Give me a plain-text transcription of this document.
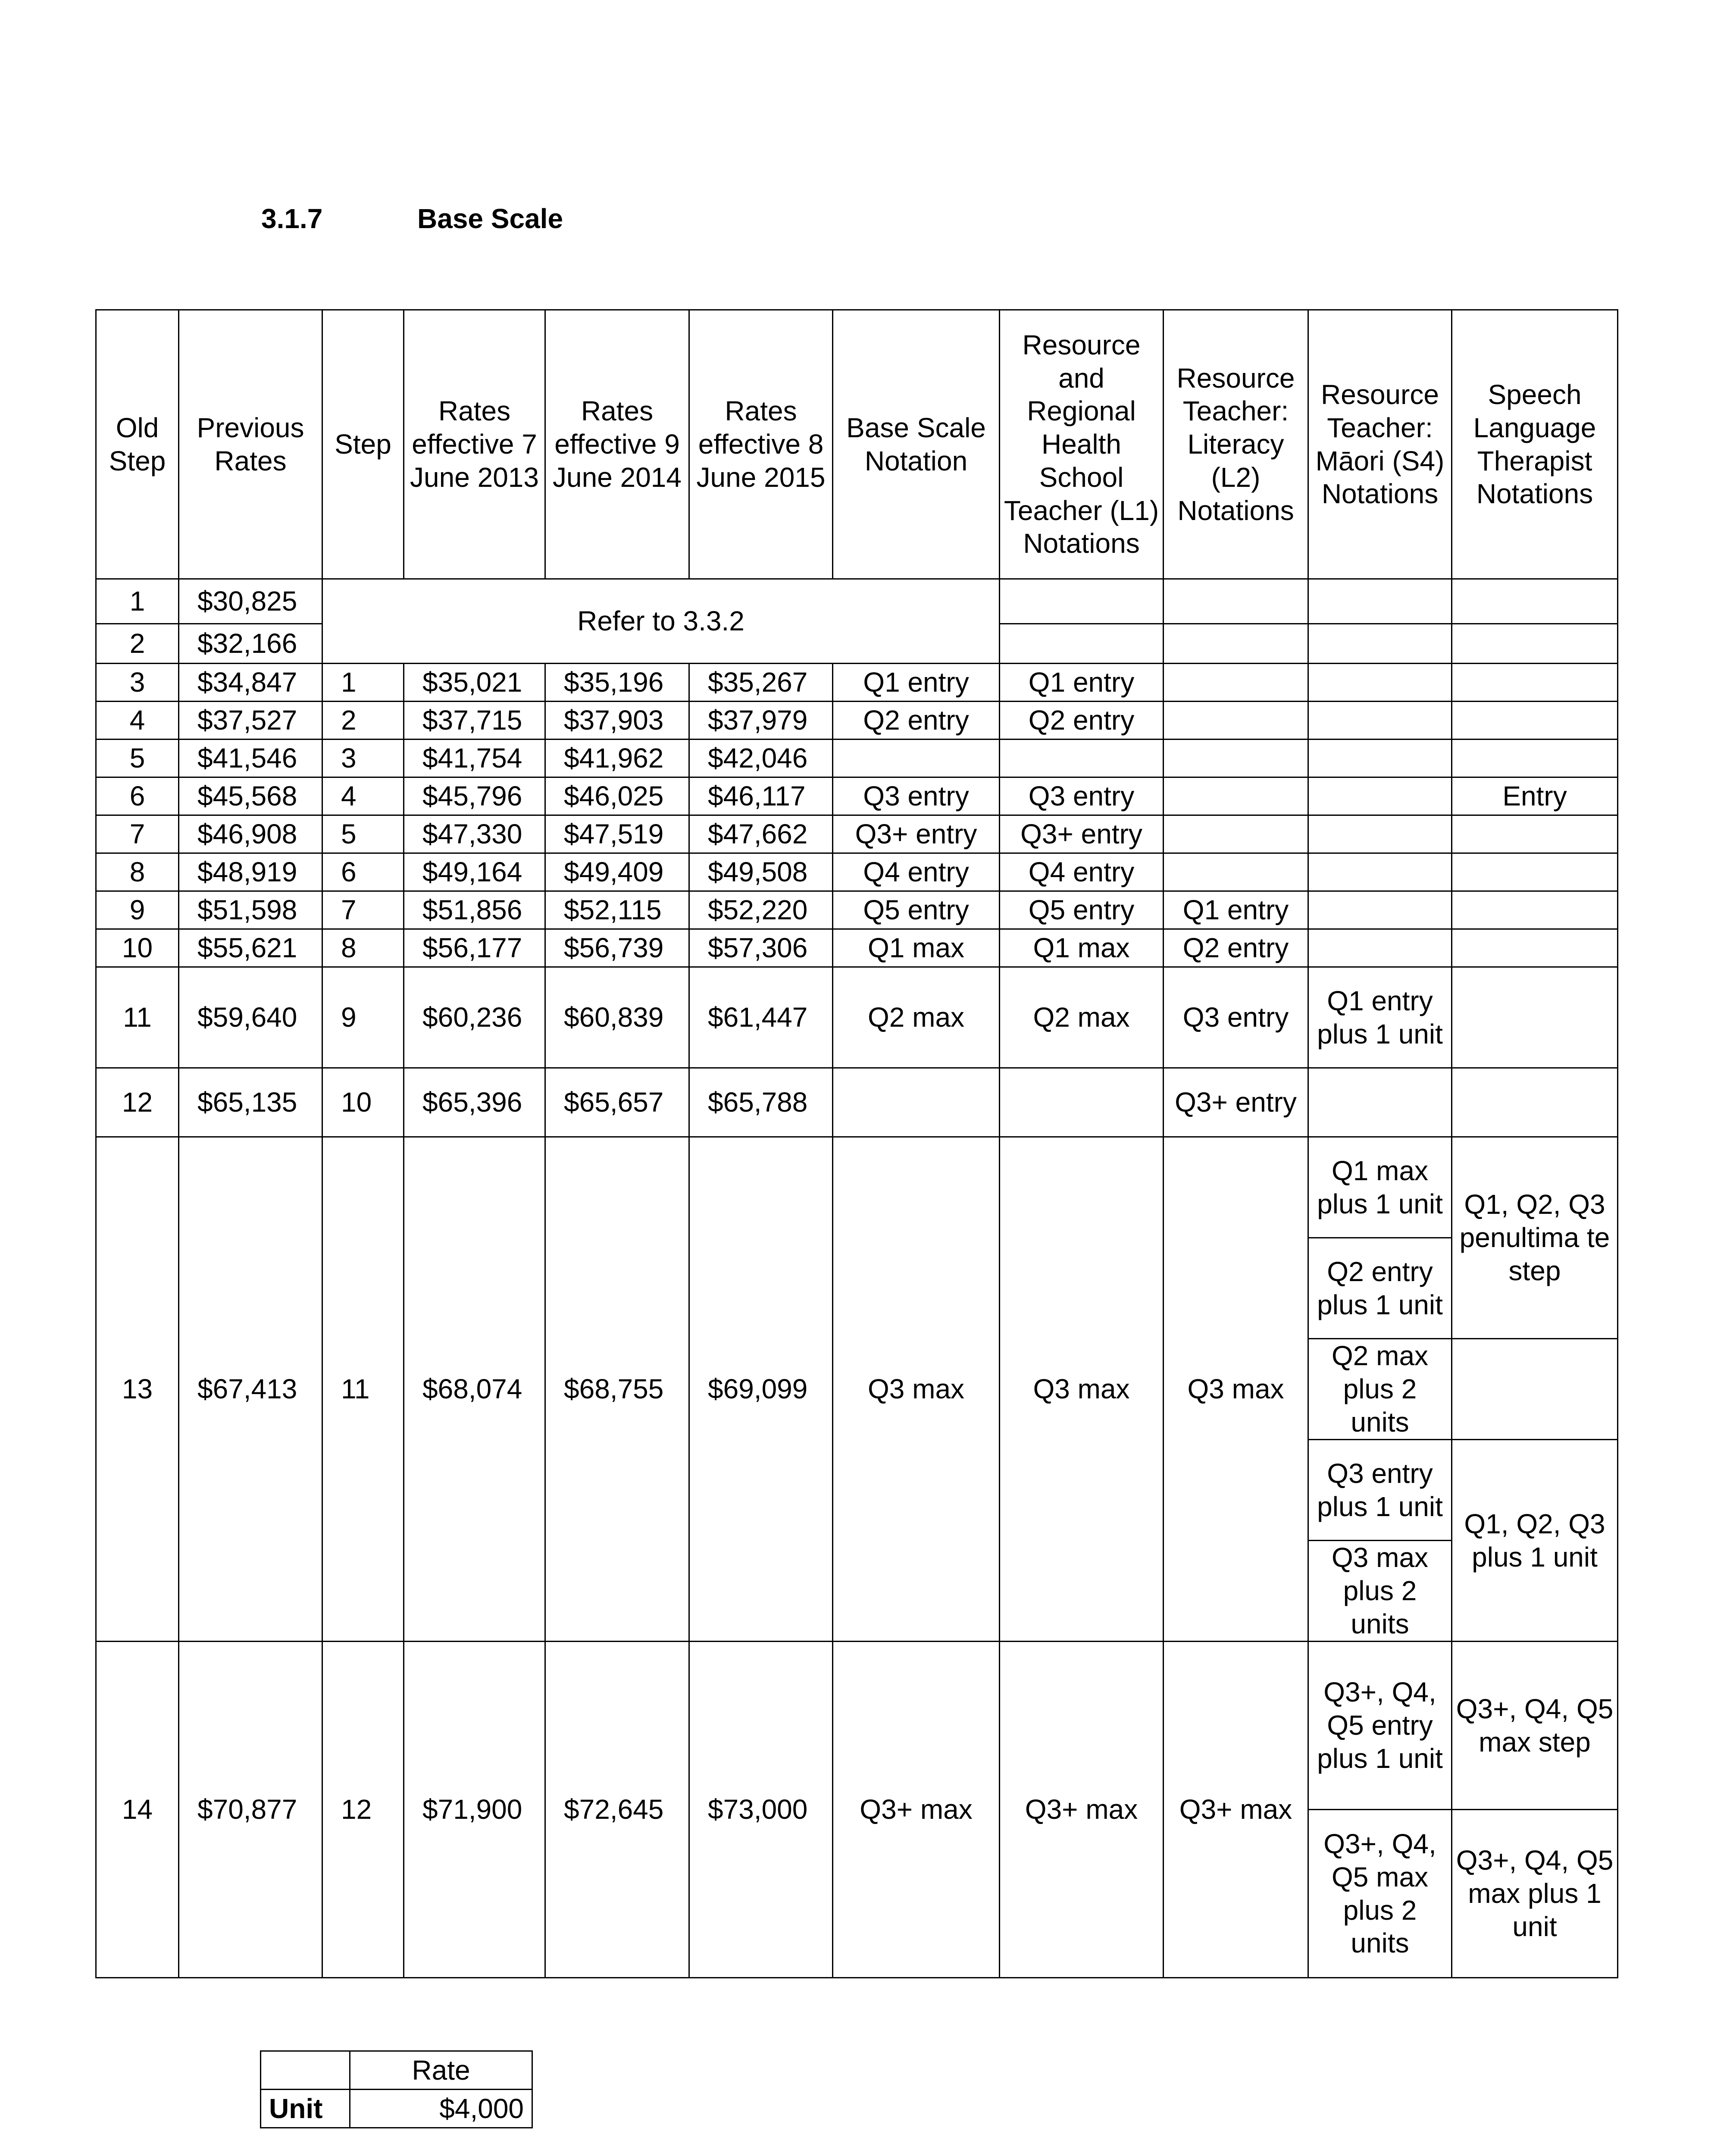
3.1.7	Base Scale
Old Step	Previous Rates	Step	Rates effective 7 June 2013	Rates effective 9 June 2014	Rates effective 8 June 2015	Base Scale Notation	Resource and Regional Health School Teacher (L1) Notations	Resource Teacher: Literacy (L2) Notations	Resource Teacher: Māori (S4) Notations	Speech Language Therapist Notations
1	$30,825	Refer to 3.3.2								
2	$32,166									
3	$34,847	1	$35,021	$35,196	$35,267	Q1 entry	Q1 entry			
4	$37,527	2	$37,715	$37,903	$37,979	Q2 entry	Q2 entry			
5	$41,546	3	$41,754	$41,962	$42,046					
6	$45,568	4	$45,796	$46,025	$46,117	Q3 entry	Q3 entry			Entry
7	$46,908	5	$47,330	$47,519	$47,662	Q3+ entry	Q3+ entry			
8	$48,919	6	$49,164	$49,409	$49,508	Q4 entry	Q4 entry			
9	$51,598	7	$51,856	$52,115	$52,220	Q5 entry	Q5 entry	Q1 entry		
10	$55,621	8	$56,177	$56,739	$57,306	Q1 max	Q1 max	Q2 entry		
11	$59,640	9	$60,236	$60,839	$61,447	Q2 max	Q2 max	Q3 entry	Q1 entry plus 1 unit	
12	$65,135	10	$65,396	$65,657	$65,788			Q3+ entry		
13	$67,413	11	$68,074	$68,755	$69,099	Q3 max	Q3 max	Q3 max	Q1 max plus 1 unit	Q1, Q2, Q3 penultima te step
									Q2 entry plus 1 unit	
									Q2 max plus 2 units	
									Q3 entry plus 1 unit	Q1, Q2, Q3 plus 1 unit
									Q3 max plus 2 units	
14	$70,877	12	$71,900	$72,645	$73,000	Q3+ max	Q3+ max	Q3+ max	Q3+, Q4, Q5 entry plus 1 unit	Q3+, Q4, Q5 max step
									Q3+, Q4, Q5 max plus 2 units	Q3+, Q4, Q5 max plus 1 unit
	Rate
Unit	$4,000
